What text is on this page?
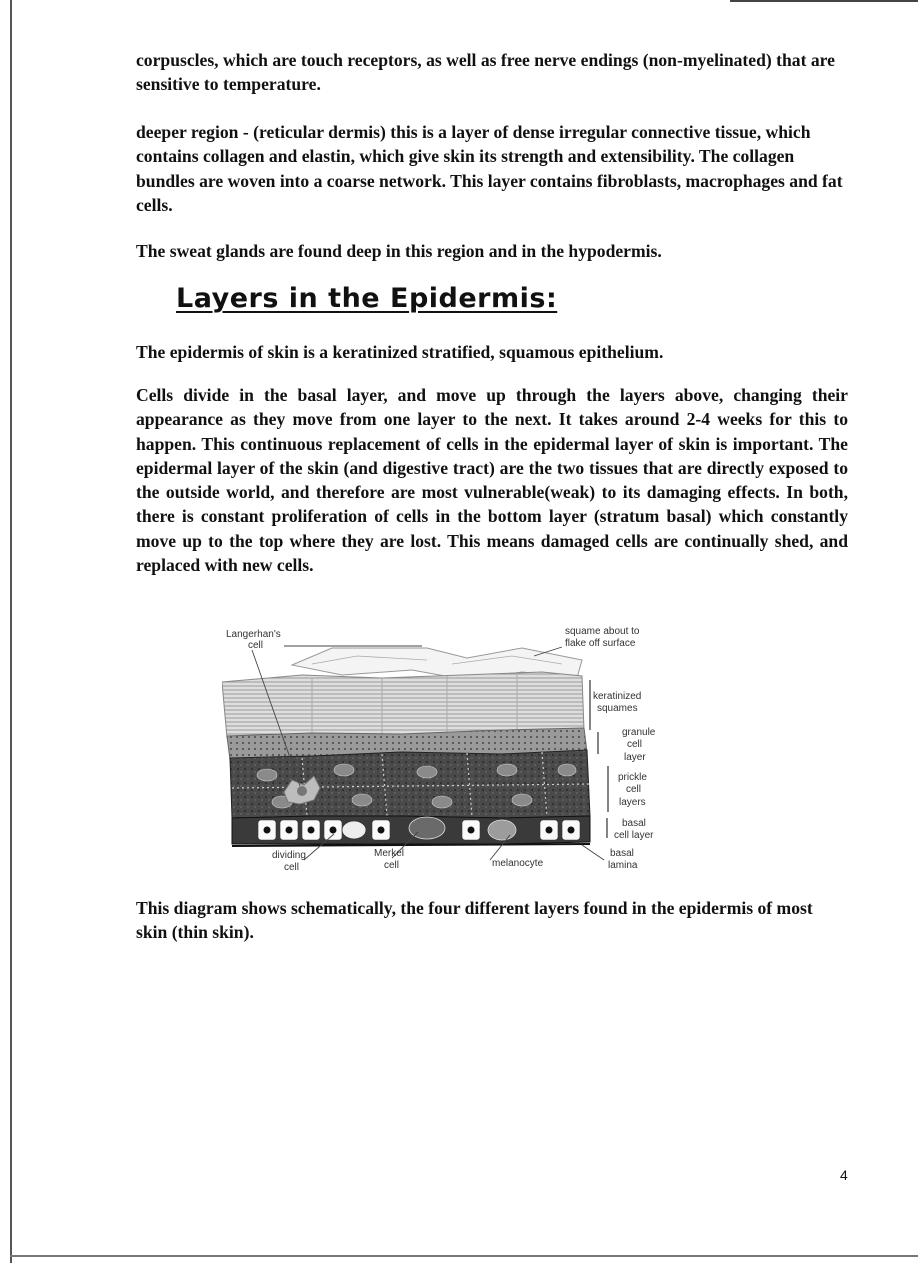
corpuscles, which are touch receptors, as well as free nerve endings (non-myelinated) that are sensitive to temperature.

deeper region - (reticular dermis) this is a layer of dense irregular connective tissue, which contains collagen and elastin, which give skin its strength and extensibility. The collagen bundles are woven into a coarse network. This layer contains fibroblasts, macrophages and fat cells.

The sweat glands are found deep in this region and in the hypodermis.

Layers in the Epidermis:

The epidermis of skin is a keratinized stratified, squamous epithelium.

Cells divide in the basal layer, and move up through the layers above, changing their appearance as they move from one layer to the next. It takes around 2-4 weeks for this to happen. This continuous replacement of cells in the epidermal layer of skin is important. The epidermal layer of the skin (and digestive tract) are the two tissues that are directly exposed to the outside world, and therefore are most vulnerable(weak) to its damaging effects. In both, there is constant proliferation of cells in the bottom layer (stratum basal) which constantly move up to the top where they are lost. This means damaged cells are continually shed, and replaced with new cells.

Langerhan's
cell
squame about to
flake off surface
keratinized
squames
granule
cell
layer
prickle
cell
layers
basal
cell layer
basal
lamina
dividing
cell
Merkel
cell	melanocyte

This diagram shows schematically, the four different layers found in the epidermis of most skin (thin skin).

4
